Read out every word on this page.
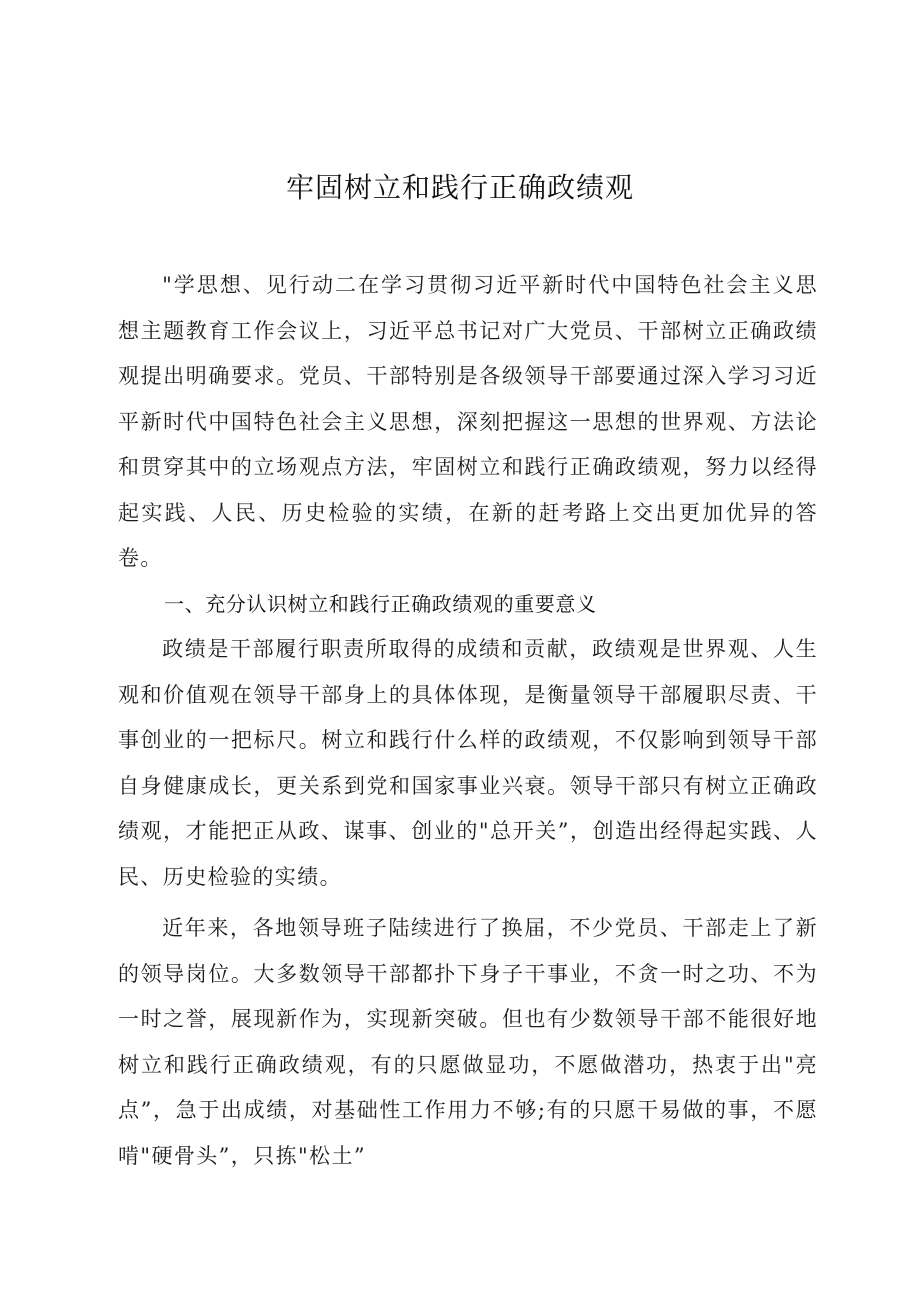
牢固树立和践行正确政绩观

"学思想、见行动二在学习贯彻习近平新时代中国特色社会主义思想主题教育工作会议上，习近平总书记对广大党员、干部树立正确政绩观提出明确要求。党员、干部特别是各级领导干部要通过深入学习习近平新时代中国特色社会主义思想，深刻把握这一思想的世界观、方法论和贯穿其中的立场观点方法，牢固树立和践行正确政绩观，努力以经得起实践、人民、历史检验的实绩，在新的赶考路上交出更加优异的答卷。

一、充分认识树立和践行正确政绩观的重要意义

政绩是干部履行职责所取得的成绩和贡献，政绩观是世界观、人生观和价值观在领导干部身上的具体体现，是衡量领导干部履职尽责、干事创业的一把标尺。树立和践行什么样的政绩观，不仅影响到领导干部自身健康成长，更关系到党和国家事业兴衰。领导干部只有树立正确政绩观，才能把正从政、谋事、创业的"总开关”，创造出经得起实践、人民、历史检验的实绩。

近年来，各地领导班子陆续进行了换届，不少党员、干部走上了新的领导岗位。大多数领导干部都扑下身子干事业，不贪一时之功、不为一时之誉，展现新作为，实现新突破。但也有少数领导干部不能很好地树立和践行正确政绩观，有的只愿做显功，不愿做潜功，热衷于出"亮点”，急于出成绩，对基础性工作用力不够;有的只愿干易做的事，不愿啃"硬骨头”，只拣"松土”
